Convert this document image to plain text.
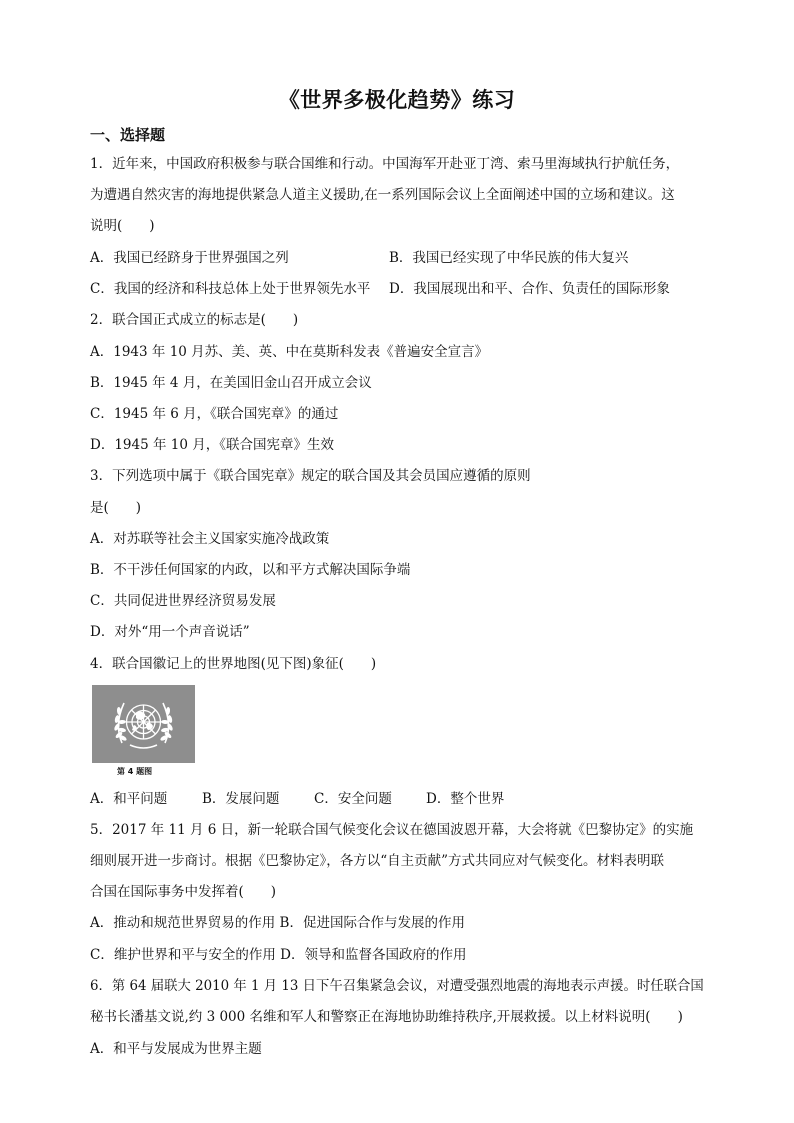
《世界多极化趋势》练习
一、选择题
1．近年来，中国政府积极参与联合国维和行动。中国海军开赴亚丁湾、索马里海域执行护航任务，
为遭遇自然灾害的海地提供紧急人道主义援助,在一系列国际会议上全面阐述中国的立场和建议。这
说明(　　)
A．我国已经跻身于世界强国之列	B．我国已经实现了中华民族的伟大复兴
C．我国的经济和科技总体上处于世界领先水平 D．我国展现出和平、合作、负责任的国际形象
2．联合国正式成立的标志是(　　)
A．1943 年 10 月苏、美、英、中在莫斯科发表《普遍安全宣言》
B．1945 年 4 月，在美国旧金山召开成立会议
C．1945 年 6 月，《联合国宪章》的通过
D．1945 年 10 月，《联合国宪章》生效
3．下列选项中属于《联合国宪章》规定的联合国及其会员国应遵循的原则
是(　　)
A．对苏联等社会主义国家实施冷战政策
B．不干涉任何国家的内政，以和平方式解决国际争端
C．共同促进世界经济贸易发展
D．对外“用一个声音说话”
4．联合国徽记上的世界地图(见下图)象征(　　)
第 4 题图
A．和平问题	B．发展问题	C．安全问题	D．整个世界
5．2017 年 11 月 6 日，新一轮联合国气候变化会议在德国波恩开幕，大会将就《巴黎协定》的实施
细则展开进一步商讨。根据《巴黎协定》，各方以“自主贡献”方式共同应对气候变化。材料表明联
合国在国际事务中发挥着(　　)
A．推动和规范世界贸易的作用 B．促进国际合作与发展的作用
C．维护世界和平与安全的作用 D．领导和监督各国政府的作用
6．第 64 届联大 2010 年 1 月 13 日下午召集紧急会议，对遭受强烈地震的海地表示声援。时任联合国
秘书长潘基文说,约 3 000 名维和军人和警察正在海地协助维持秩序,开展救援。以上材料说明(　　)
A．和平与发展成为世界主题
